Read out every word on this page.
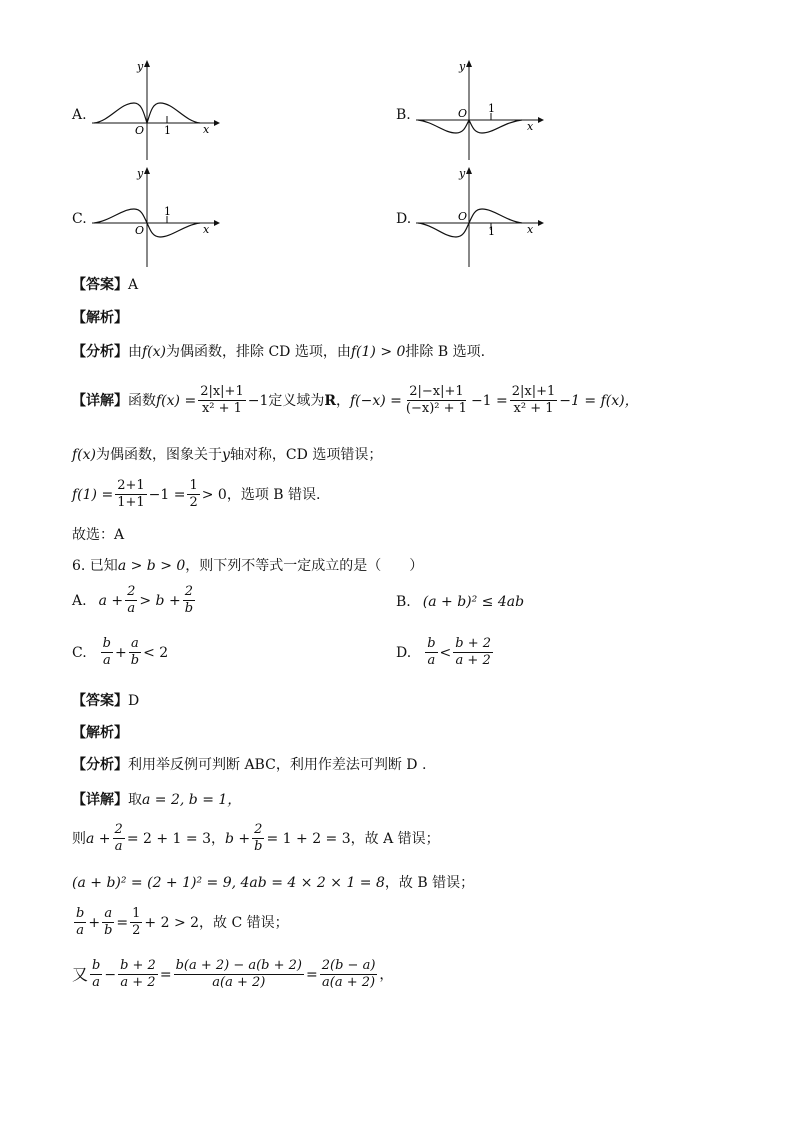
A.
y
x
O 1
B.
y
x
O 1
C.
y
x
O
1	D.
y
x
O
1
【答案】A
【解析】
【分析】由f(x)为偶函数，排除 CD 选项，由f(1) > 0排除 B 选项.
【详解】 函数 $f(x) = \frac{2|x|+1}{\text{x² + 1}} -1$ 定义域为 R ， $f(-x) = \frac{2|-x|+1}{\text{(−x)² + 1}} -1 = \frac{2|x|+1}{\text{x² + 1}} -1 = f(x)$，
f(x)为偶函数，图象关于y轴对称，CD 选项错误；
$f(1) = \frac{2+1}{1+1} -1 = \frac{1}{2} > 0$ ，选项 B 错误.
故选：A
6. 已知a > b > 0，则下列不等式一定成立的是（　　）
A. $a + \frac{2}{a} > b + \frac{2}{b}$	B. (a + b)² ≤ 4ab
C. $\frac{b}{a} + \frac{a}{b} < 2$	D. $\frac{b}{a} < \frac{b + 2}{a + 2}$
【答案】D
【解析】
【分析】利用举反例可判断 ABC，利用作差法可判断 D .
【详解】取a = 2, b = 1，
则 $a + \frac{2}{a} = 2 + 1 = 3$ ， $b + \frac{2}{b} = 1 + 2 = 3$ ，故 A 错误；
(a + b)² = (2 + 1)² = 9, 4ab = 4 × 2 × 1 = 8，故 B 错误；
$\frac{b}{a} + \frac{a}{b} = \frac{1}{2} + 2 > 2$ ，故 C 错误；
又 $\frac{b}{a} - \frac{b + 2}{a + 2} = \frac{b(a + 2) - a(b + 2)}{a(a + 2)} = \frac{2(b - a)}{a(a + 2)}$ ，
